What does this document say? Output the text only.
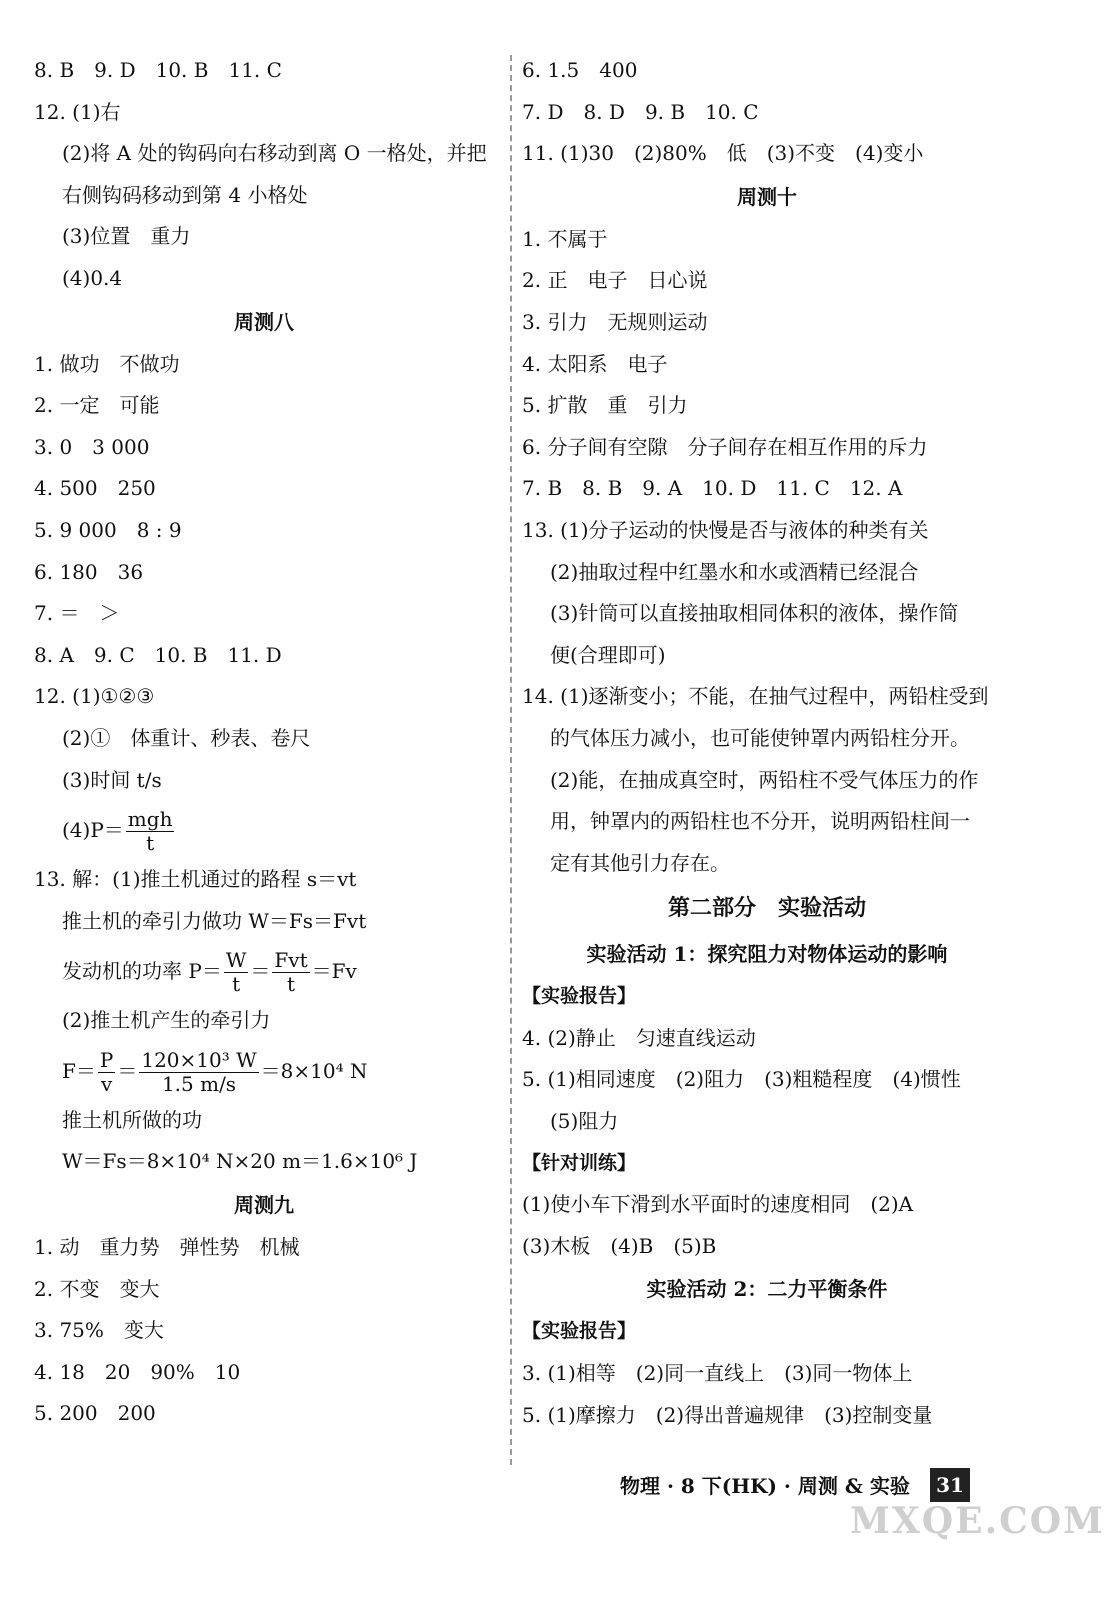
8. B　9. D　10. B　11. C
12. (1)右
(2)将 A 处的钩码向右移动到离 O 一格处，并把
右侧钩码移动到第 4 小格处
(3)位置　重力
(4)0.4
周测八
1. 做功　不做功
2. 一定　可能
3. 0　3 000
4. 500　250
5. 9 000　8 : 9
6. 180　36
7. ＝　＞
8. A　9. C　10. B　11. D
12. (1)①②③
(2)①　体重计、秒表、卷尺
(3)时间 t/s
$(4)P= \frac{\text{mgh}}{t}$
13. 解：(1)推土机通过的路程 s＝vt
推土机的牵引力做功 W＝Fs＝Fvt
发动机的功率 $P= \frac{W}{t} = \frac{\text{Fvt}}{t} =Fv$
(2)推土机产生的牵引力
$F= \frac{P}{v} = \frac{\text{120×10³ W}}{1.5 m/s} =8\times 10^4$ N
推土机所做的功
W＝Fs＝8×10⁴ N×20 m＝1.6×10⁶ J
周测九
1. 动　重力势　弹性势　机械
2. 不变　变大
3. 75%　变大
4. 18　20　90%　10
5. 200　200
6. 1.5　400
7. D　8. D　9. B　10. C
11. (1)30　(2)80%　低　(3)不变　(4)变小
周测十
1. 不属于
2. 正　电子　日心说
3. 引力　无规则运动
4. 太阳系　电子
5. 扩散　重　引力
6. 分子间有空隙　分子间存在相互作用的斥力
7. B　8. B　9. A　10. D　11. C　12. A
13. (1)分子运动的快慢是否与液体的种类有关
(2)抽取过程中红墨水和水或酒精已经混合
(3)针筒可以直接抽取相同体积的液体，操作简
便(合理即可)
14. (1)逐渐变小；不能，在抽气过程中，两铅柱受到
的气体压力减小，也可能使钟罩内两铅柱分开。
(2)能，在抽成真空时，两铅柱不受气体压力的作
用，钟罩内的两铅柱也不分开，说明两铅柱间一
定有其他引力存在。
第二部分　实验活动
实验活动 1：探究阻力对物体运动的影响
【实验报告】
4. (2)静止　匀速直线运动
5. (1)相同速度　(2)阻力　(3)粗糙程度　(4)惯性
(5)阻力
【针对训练】
(1)使小车下滑到水平面时的速度相同　(2)A
(3)木板　(4)B　(5)B
实验活动 2：二力平衡条件
【实验报告】
3. (1)相等　(2)同一直线上　(3)同一物体上
5. (1)摩擦力　(2)得出普遍规律　(3)控制变量
物理 · 8 下(HK) · 周测 & 实验	31
MXQE.COM
